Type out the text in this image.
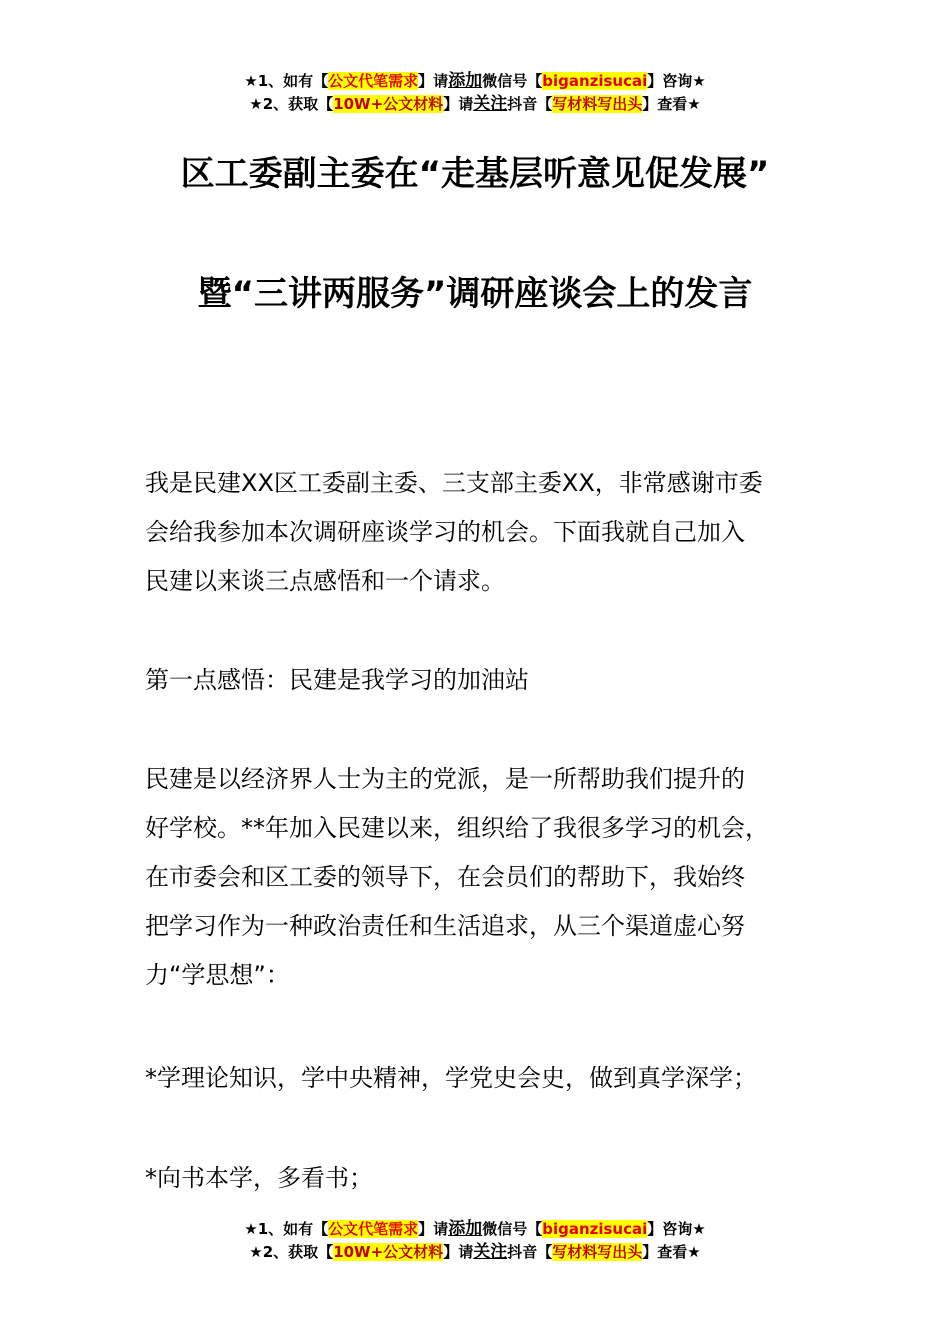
★1、如有【公文代笔需求】请添加微信号【biganzisucai】咨询★
★2、获取【10W+公文材料】请关注抖音【写材料写出头】查看★
区工委副主委在“走基层听意见促发展”
暨“三讲两服务”调研座谈会上的发言
我是民建XX区工委副主委、三支部主委XX，非常感谢市委
会给我参加本次调研座谈学习的机会。下面我就自己加入
民建以来谈三点感悟和一个请求。
第一点感悟：民建是我学习的加油站
民建是以经济界人士为主的党派，是一所帮助我们提升的
好学校。**年加入民建以来，组织给了我很多学习的机会，
在市委会和区工委的领导下，在会员们的帮助下，我始终
把学习作为一种政治责任和生活追求，从三个渠道虚心努
力“学思想”：
*学理论知识，学中央精神，学党史会史，做到真学深学；
*向书本学，多看书；
★1、如有【公文代笔需求】请添加微信号【biganzisucai】咨询★
★2、获取【10W+公文材料】请关注抖音【写材料写出头】查看★
